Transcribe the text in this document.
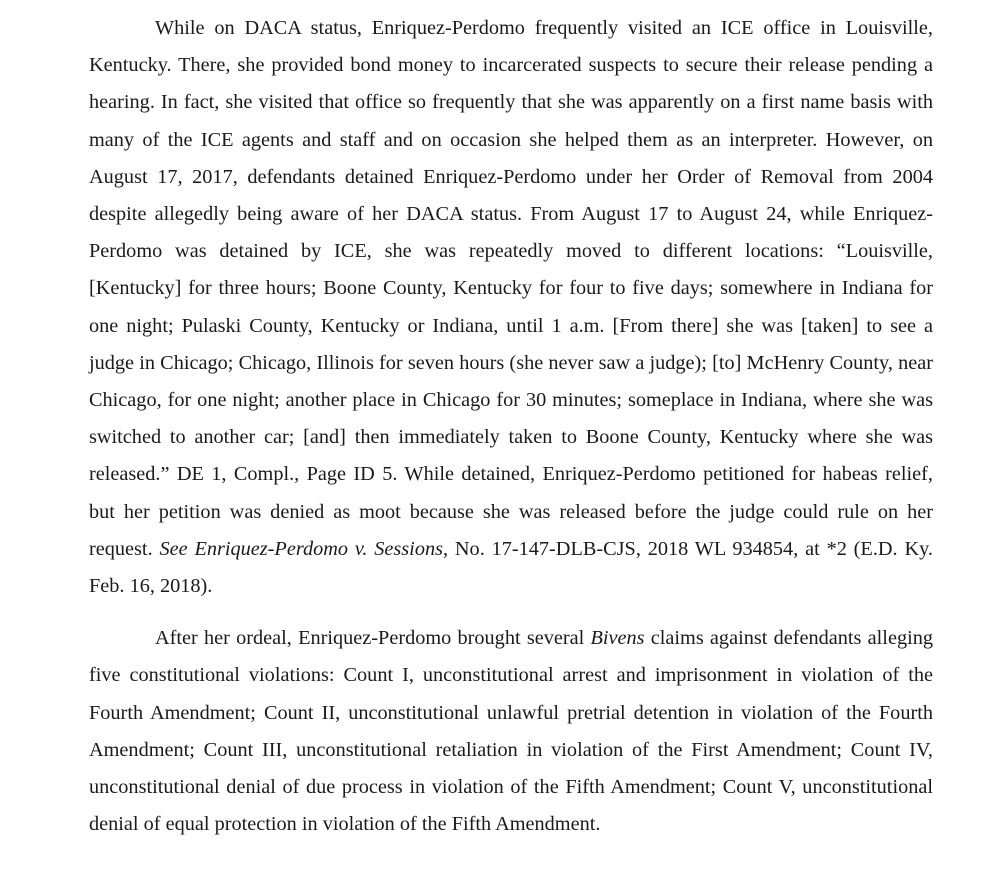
While on DACA status, Enriquez-Perdomo frequently visited an ICE office in Louisville, Kentucky. There, she provided bond money to incarcerated suspects to secure their release pending a hearing. In fact, she visited that office so frequently that she was apparently on a first name basis with many of the ICE agents and staff and on occasion she helped them as an interpreter. However, on August 17, 2017, defendants detained Enriquez-Perdomo under her Order of Removal from 2004 despite allegedly being aware of her DACA status. From August 17 to August 24, while Enriquez-Perdomo was detained by ICE, she was repeatedly moved to different locations: “Louisville, [Kentucky] for three hours; Boone County, Kentucky for four to five days; somewhere in Indiana for one night; Pulaski County, Kentucky or Indiana, until 1 a.m. [From there] she was [taken] to see a judge in Chicago; Chicago, Illinois for seven hours (she never saw a judge); [to] McHenry County, near Chicago, for one night; another place in Chicago for 30 minutes; someplace in Indiana, where she was switched to another car; [and] then immediately taken to Boone County, Kentucky where she was released.” DE 1, Compl., Page ID 5. While detained, Enriquez-Perdomo petitioned for habeas relief, but her petition was denied as moot because she was released before the judge could rule on her request. See Enriquez-Perdomo v. Sessions, No. 17-147-DLB-CJS, 2018 WL 934854, at *2 (E.D. Ky. Feb. 16, 2018).

After her ordeal, Enriquez-Perdomo brought several Bivens claims against defendants alleging five constitutional violations: Count I, unconstitutional arrest and imprisonment in violation of the Fourth Amendment; Count II, unconstitutional unlawful pretrial detention in violation of the Fourth Amendment; Count III, unconstitutional retaliation in violation of the First Amendment; Count IV, unconstitutional denial of due process in violation of the Fifth Amendment; Count V, unconstitutional denial of equal protection in violation of the Fifth Amendment.
